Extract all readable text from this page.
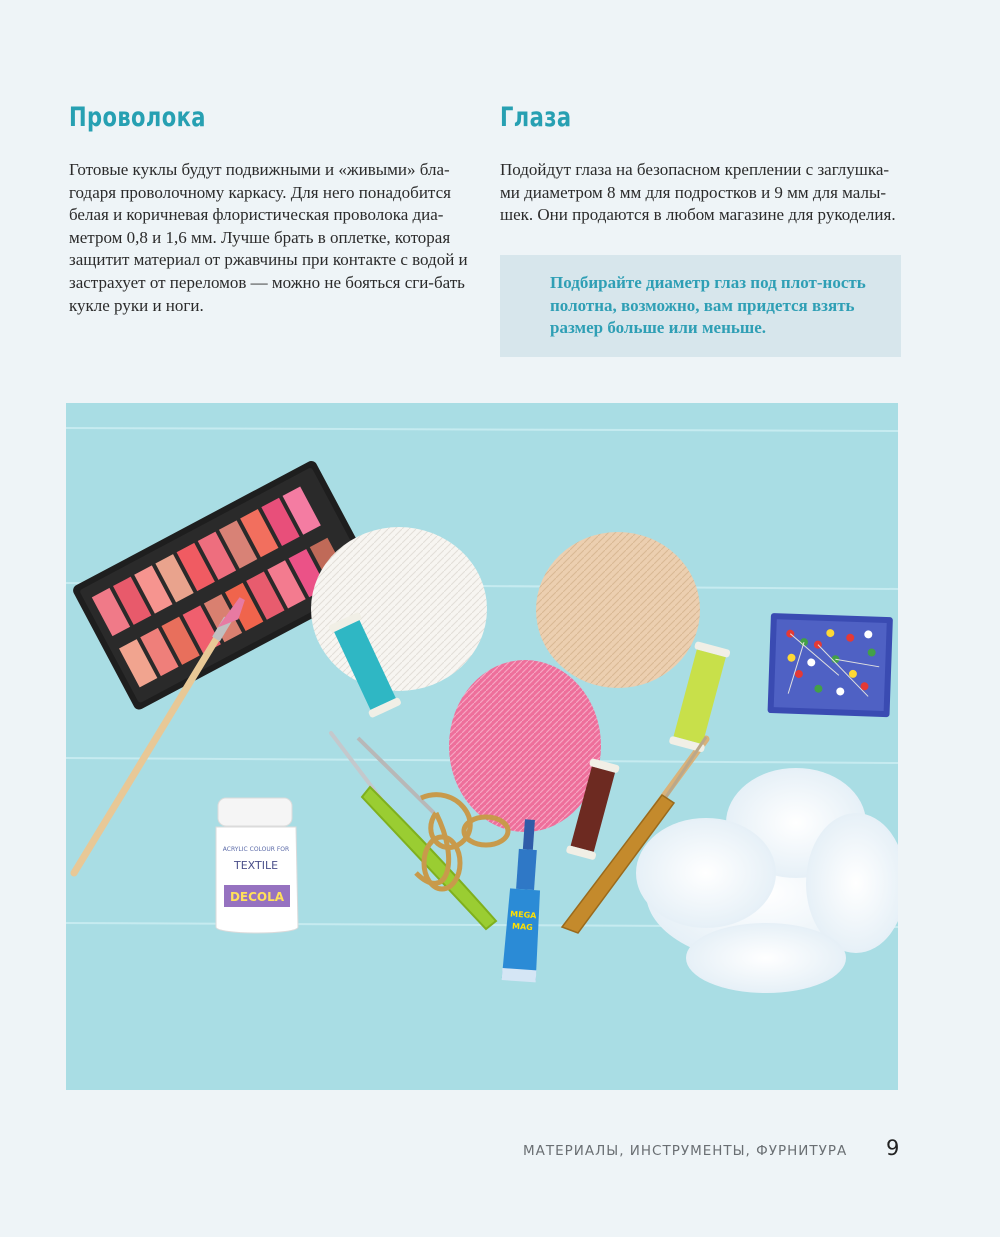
Проволока

Готовые куклы будут подвижными и «живыми» бла-годаря проволочному каркасу. Для него понадобится белая и коричневая флористическая проволока диа-метром 0,8 и 1,6 мм. Лучше брать в оплетке, которая защитит материал от ржавчины при контакте с водой и застрахует от переломов — можно не бояться сги-бать кукле руки и ноги.

Глаза

Подойдут глаза на безопасном креплении с заглушка-ми диаметром 8 мм для подростков и 9 мм для малы-шек. Они продаются в любом магазине для рукоделия.

Подбирайте диаметр глаз под плот-ность полотна, возможно, вам придется взять размер больше или меньше.

ACRYLIC COLOUR FOR
TEXTILE
DECOLA
MEGA
MAG
МАТЕРИАЛЫ, ИНСТРУМЕНТЫ, ФУРНИТУРА 9
